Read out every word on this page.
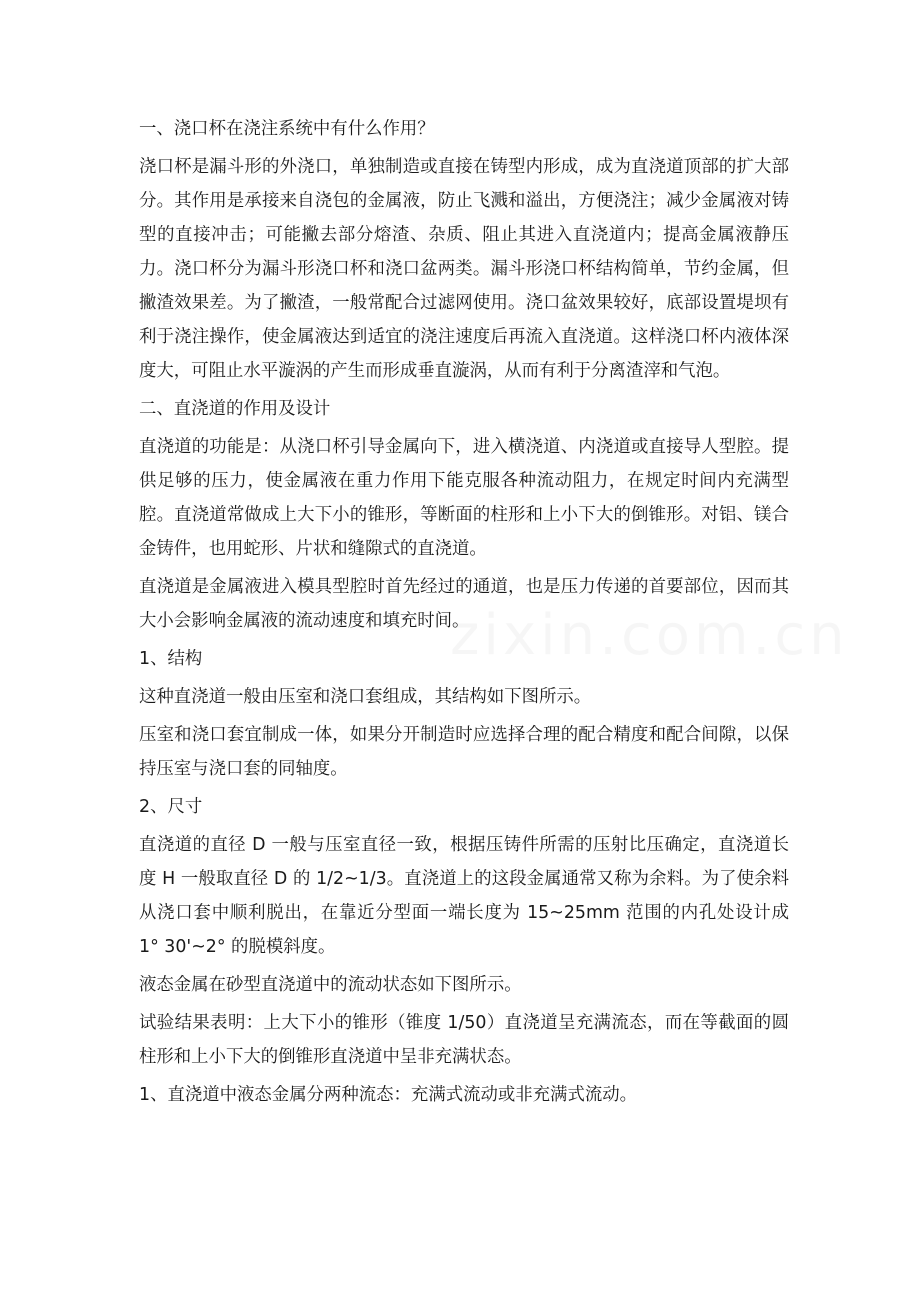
一、浇口杯在浇注系统中有什么作用？

浇口杯是漏斗形的外浇口，单独制造或直接在铸型内形成，成为直浇道顶部的扩大部分。其作用是承接来自浇包的金属液，防止飞溅和溢出，方便浇注；减少金属液对铸型的直接冲击；可能撇去部分熔渣、杂质、阻止其进入直浇道内；提高金属液静压力。浇口杯分为漏斗形浇口杯和浇口盆两类。漏斗形浇口杯结构简单，节约金属，但撇渣效果差。为了撇渣，一般常配合过滤网使用。浇口盆效果较好，底部设置堤坝有利于浇注操作，使金属液达到适宜的浇注速度后再流入直浇道。这样浇口杯内液体深度大，可阻止水平漩涡的产生而形成垂直漩涡，从而有利于分离渣滓和气泡。

二、直浇道的作用及设计

直浇道的功能是：从浇口杯引导金属向下，进入横浇道、内浇道或直接导人型腔。提供足够的压力，使金属液在重力作用下能克服各种流动阻力，在规定时间内充满型腔。直浇道常做成上大下小的锥形，等断面的柱形和上小下大的倒锥形。对铝、镁合金铸件，也用蛇形、片状和缝隙式的直浇道。

直浇道是金属液进入模具型腔时首先经过的通道，也是压力传递的首要部位，因而其大小会影响金属液的流动速度和填充时间。

1、结构

这种直浇道一般由压室和浇口套组成，其结构如下图所示。

压室和浇口套宜制成一体，如果分开制造时应选择合理的配合精度和配合间隙，以保持压室与浇口套的同轴度。

2、尺寸

直浇道的直径 D 一般与压室直径一致，根据压铸件所需的压射比压确定，直浇道长度 H 一般取直径 D 的 1/2~1/3。直浇道上的这段金属通常又称为余料。为了使余料从浇口套中顺利脱出，在靠近分型面一端长度为 15~25mm 范围的内孔处设计成 1° 30'~2° 的脱模斜度。

液态金属在砂型直浇道中的流动状态如下图所示。

试验结果表明：上大下小的锥形（锥度 1/50）直浇道呈充满流态，而在等截面的圆柱形和上小下大的倒锥形直浇道中呈非充满状态。

1、直浇道中液态金属分两种流态：充满式流动或非充满式流动。
